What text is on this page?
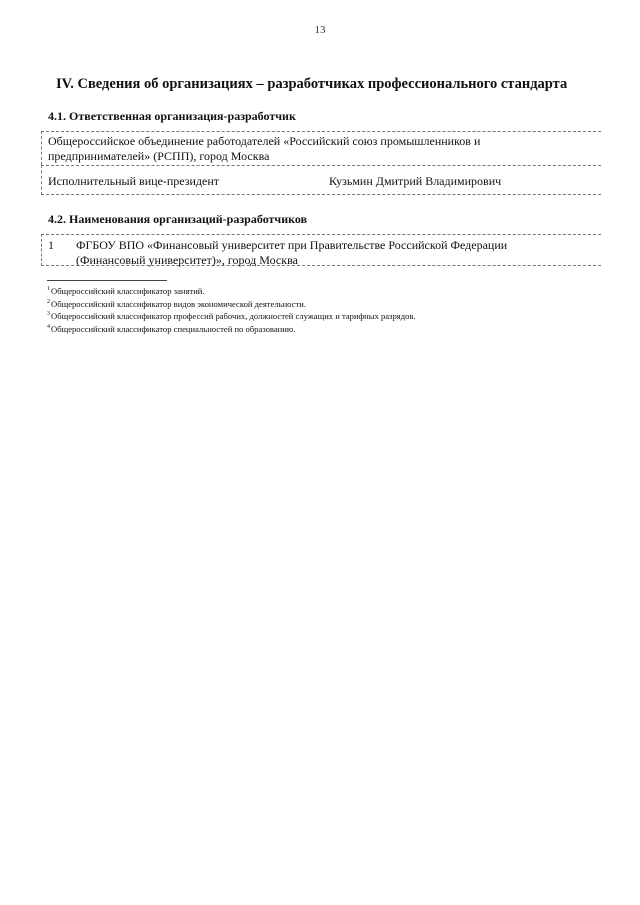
13
IV. Сведения об организациях – разработчиках профессионального стандарта
4.1. Ответственная организация-разработчик
Общероссийское объединение работодателей «Российский союз промышленников и
предпринимателей» (РСПП), город Москва
Исполнительный вице-президент	Кузьмин Дмитрий Владимирович
4.2. Наименования организаций-разработчиков
1 ФГБОУ ВПО «Финансовый университет при Правительстве Российской Федерации
(Финансовый университет)», город Москва
$^1$Общероссийский классификатор занятий.
$^2$Общероссийский классификатор видов экономической деятельности.
$^3$Общероссийский классификатор профессий рабочих, должностей служащих и тарифных разрядов.
$^4$Общероссийский классификатор специальностей по образованию.
